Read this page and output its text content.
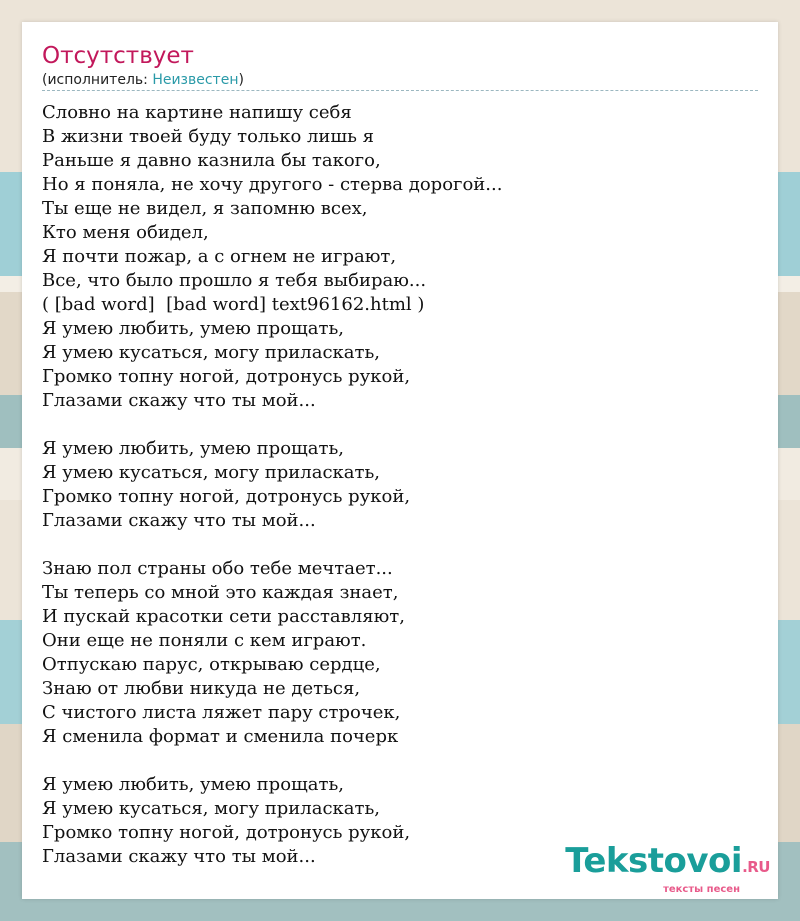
Отсутствует
(исполнитель: Неизвестен)
Словно на картине напишу себя
В жизни твоей буду только лишь я
Раньше я давно казнила бы такого,
Но я поняла, не хочу другого - стерва дорогой...
Ты еще не видел, я запомню всех,
Кто меня обидел,
Я почти пожар, а с огнем не играют,
Все, что было прошло я тебя выбираю...
( [bad word]  [bad word] text96162.html )
Я умею любить, умею прощать,
Я умею кусаться, могу приласкать,
Громко топну ногой, дотронусь рукой,
Глазами скажу что ты мой...

Я умею любить, умею прощать,
Я умею кусаться, могу приласкать,
Громко топну ногой, дотронусь рукой,
Глазами скажу что ты мой...

Знаю пол страны обо тебе мечтает...
Ты теперь со мной это каждая знает,
И пускай красотки сети расставляют,
Они еще не поняли с кем играют.
Отпускаю парус, открываю сердце,
Знаю от любви никуда не деться,
С чистого листа ляжет пару строчек,
Я сменила формат и сменила почерк

Я умею любить, умею прощать,
Я умею кусаться, могу приласкать,
Громко топну ногой, дотронусь рукой,
Глазами скажу что ты мой...	Tekstovoi.RU
тексты песен
